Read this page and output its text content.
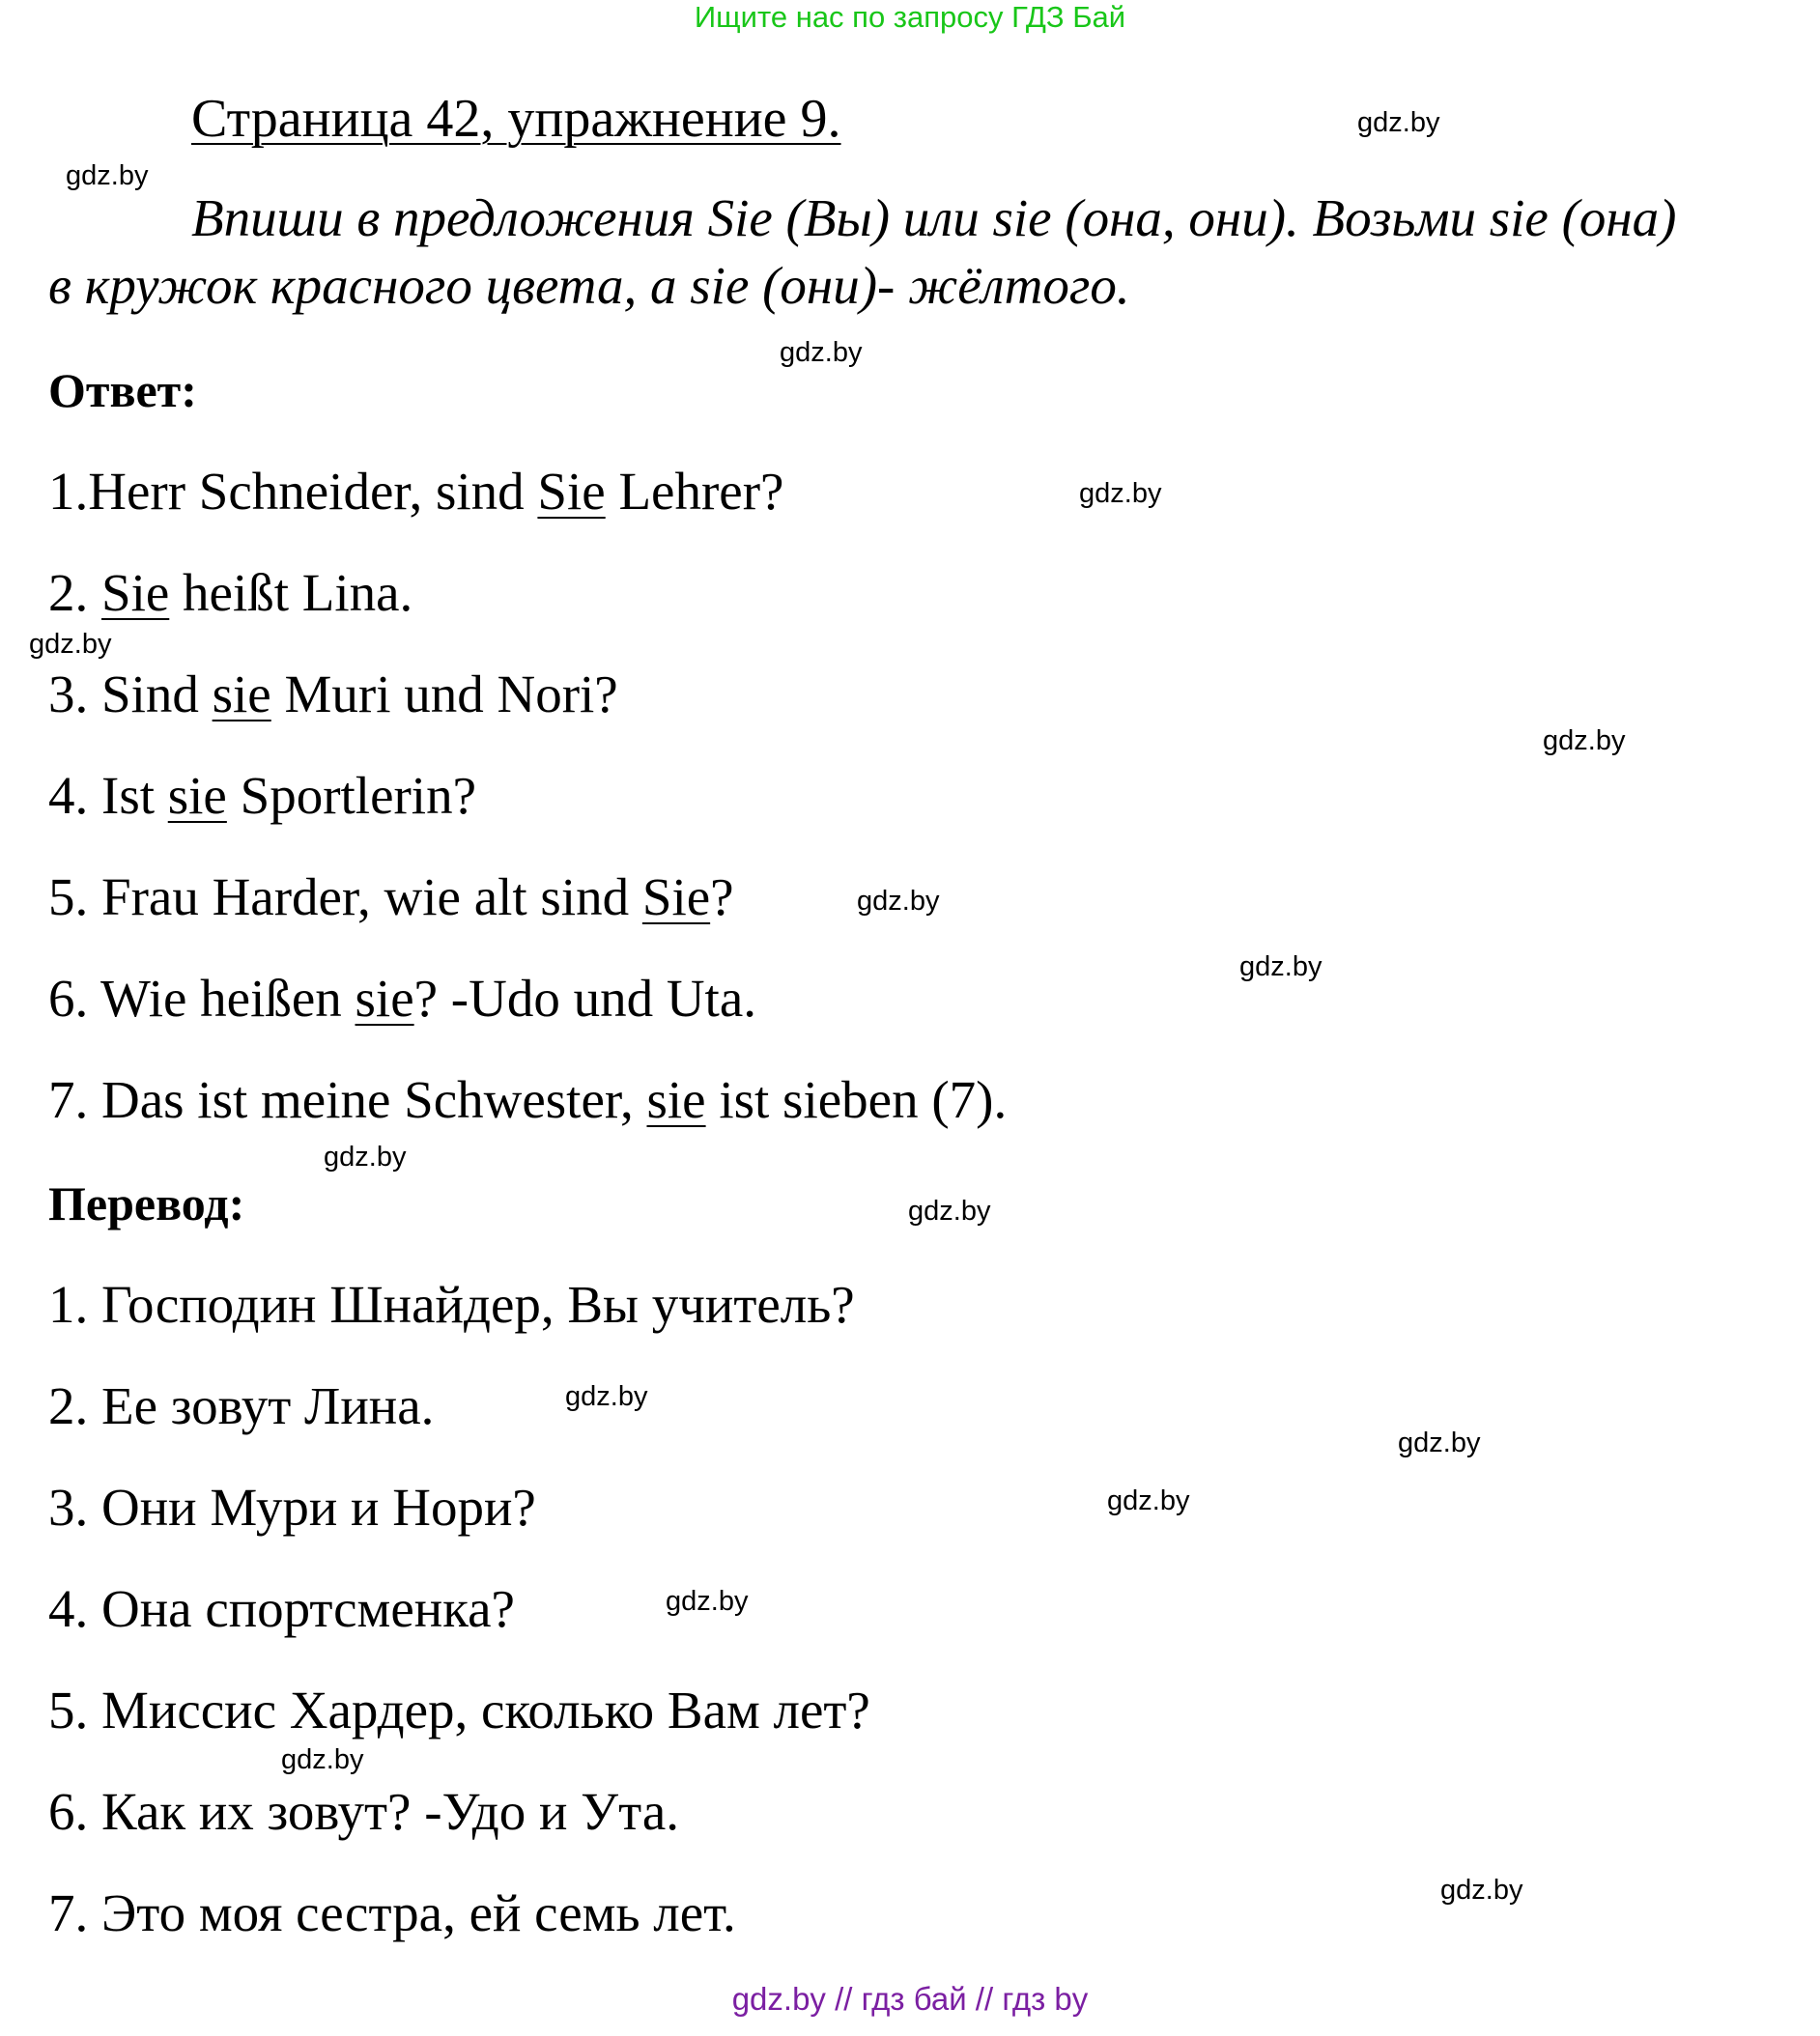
Ищите нас по запросу ГДЗ Бай
Страница 42, упражнение 9.
Впиши в предложения Sie (Вы) или sie (она, они). Возьми sie (она)
в кружок красного цвета, а sie (они)- жёлтого.
Ответ:
1.Herr Schneider, sind Sie Lehrer?
2. Sie heißt Lina.
3. Sind sie Muri und Nori?
4. Ist sie Sportlerin?
5. Frau Harder, wie alt sind Sie?
6. Wie heißen sie? -Udo und Uta.
7. Das ist meine Schwester, sie ist sieben (7).
Перевод:
1. Господин Шнайдер, Вы учитель?
2. Ее зовут Лина.
3. Они Мури и Нори?
4. Она спортсменка?
5. Миссис Хардер, сколько Вам лет?
6. Как их зовут? -Удо и Ута.
7. Это моя сестра, ей семь лет.
gdz.by
gdz.by
gdz.by
gdz.by
gdz.by
gdz.by
gdz.by
gdz.by
gdz.by
gdz.by
gdz.by
gdz.by
gdz.by
gdz.by
gdz.by
gdz.by
gdz.by // гдз бай // гдз by
